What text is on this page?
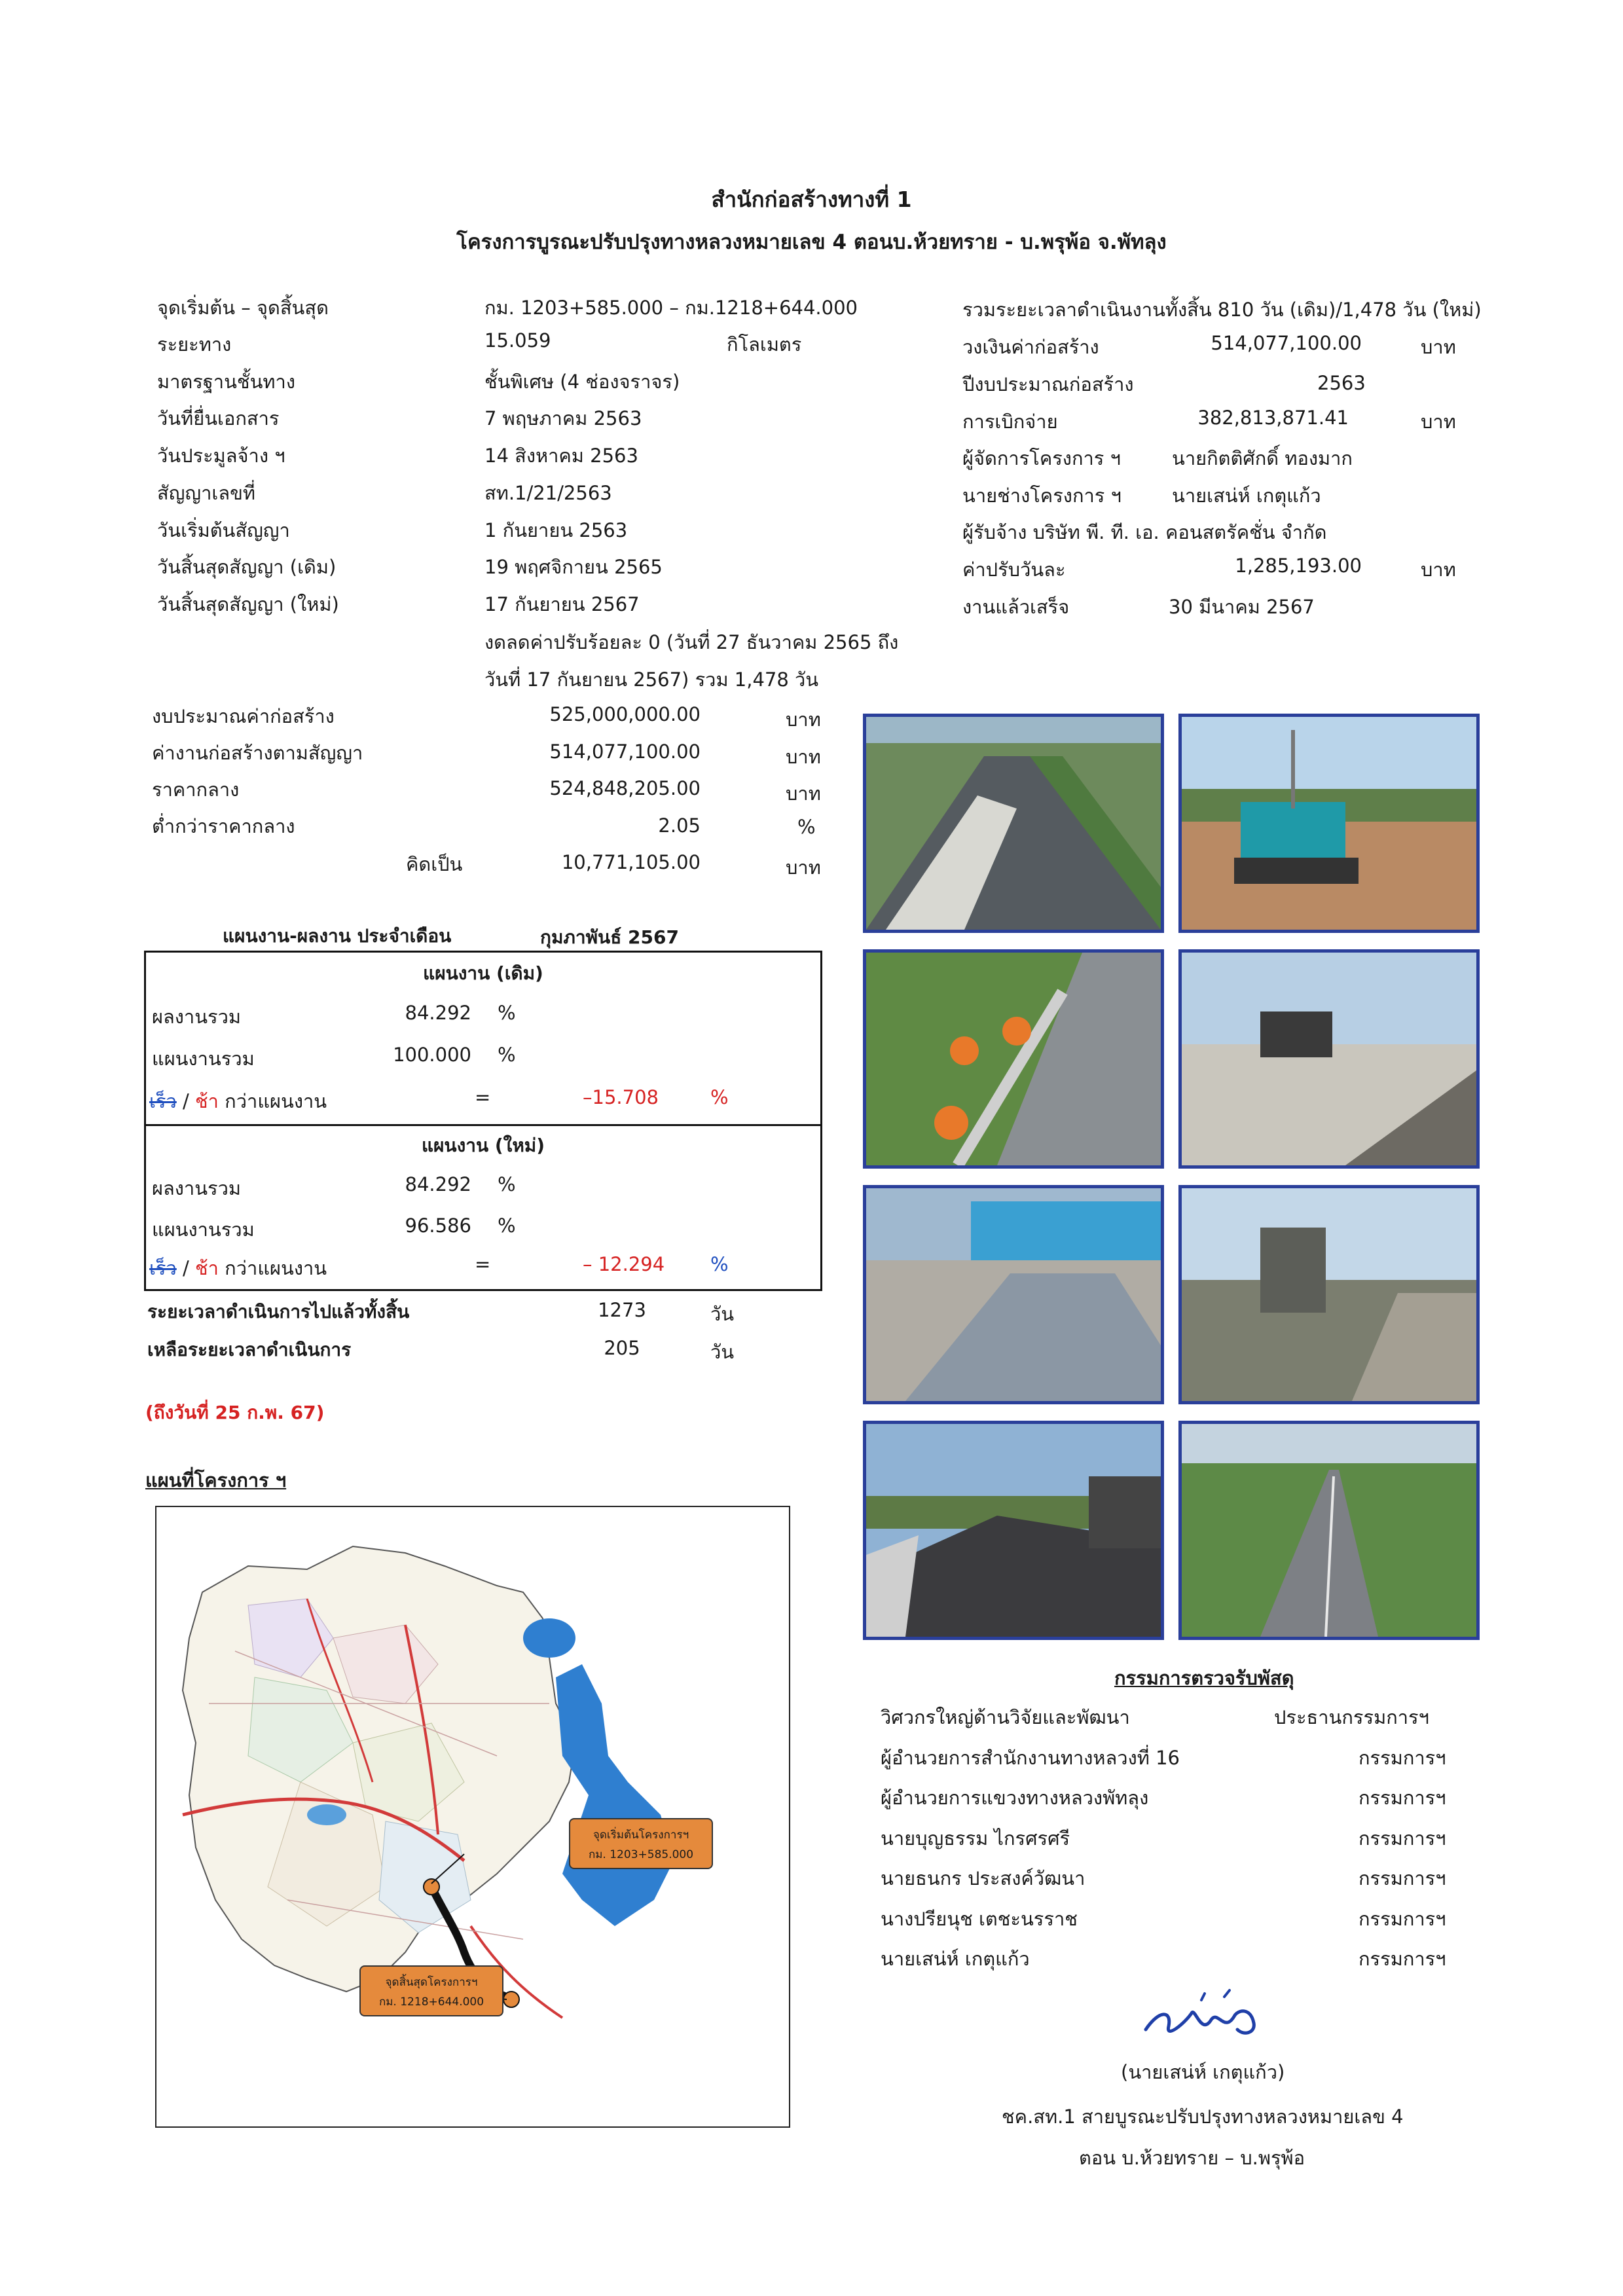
สำนักก่อสร้างทางที่ 1
โครงการบูรณะปรับปรุงทางหลวงหมายเลข 4 ตอนบ.ห้วยทราย - บ.พรุพ้อ จ.พัทลุง
จุดเริ่มต้น – จุดสิ้นสุด	กม. 1203+585.000 – กม.1218+644.000
ระยะทาง	15.059	กิโลเมตร
มาตรฐานชั้นทาง	ชั้นพิเศษ (4 ช่องจราจร)
วันที่ยื่นเอกสาร	7 พฤษภาคม 2563
วันประมูลจ้าง ฯ	14 สิงหาคม 2563
สัญญาเลขที่	สท.1/21/2563
วันเริ่มต้นสัญญา	1 กันยายน 2563
วันสิ้นสุดสัญญา (เดิม)	19 พฤศจิกายน 2565
วันสิ้นสุดสัญญา (ใหม่)	17 กันยายน 2567
งดลดค่าปรับร้อยละ 0 (วันที่ 27 ธันวาคม 2565 ถึง
วันที่ 17 กันยายน 2567) รวม 1,478 วัน
รวมระยะเวลาดำเนินงานทั้งสิ้น 810 วัน (เดิม)/1,478 วัน (ใหม่)
วงเงินค่าก่อสร้าง	514,077,100.00	บาท
ปีงบประมาณก่อสร้าง	2563
การเบิกจ่าย	382,813,871.41	บาท
ผู้จัดการโครงการ ฯ	นายกิตติศักดิ์ ทองมาก
นายช่างโครงการ ฯ	นายเสน่ห์ เกตุแก้ว
ผู้รับจ้าง บริษัท พี. ที. เอ. คอนสตรัคชั่น จำกัด
ค่าปรับวันละ	1,285,193.00	บาท
งานแล้วเสร็จ	30 มีนาคม 2567
งบประมาณค่าก่อสร้าง	525,000,000.00	บาท
ค่างานก่อสร้างตามสัญญา	514,077,100.00	บาท
ราคากลาง	524,848,205.00	บาท
ต่ำกว่าราคากลาง	2.05	%
คิดเป็น	10,771,105.00	บาท
แผนงาน-ผลงาน ประจำเดือน	กุมภาพันธ์ 2567
แผนงาน (เดิม)
ผลงานรวม	84.292 %
แผนงานรวม	100.000 %
เร็ว / ช้า กว่าแผนงาน	=	–15.708	%
แผนงาน (ใหม่)
ผลงานรวม	84.292 %
แผนงานรวม	96.586 %
เร็ว / ช้า กว่าแผนงาน	=	– 12.294 %
ระยะเวลาดำเนินการไปแล้วทั้งสิ้น	1273	วัน
เหลือระยะเวลาดำเนินการ	205	วัน
(ถึงวันที่ 25 ก.พ. 67)
แผนที่โครงการ ฯ
จุดเริ่มต้นโครงการฯ
กม. 1203+585.000
จุดสิ้นสุดโครงการฯ
กม. 1218+644.000
กรรมการตรวจรับพัสดุ
วิศวกรใหญ่ด้านวิจัยและพัฒนา	ประธานกรรมการฯ
ผู้อำนวยการสำนักงานทางหลวงที่ 16	กรรมการฯ
ผู้อำนวยการแขวงทางหลวงพัทลุง	กรรมการฯ
นายบุญธรรม ไกรศรศรี	กรรมการฯ
นายธนกร ประสงค์วัฒนา	กรรมการฯ
นางปรียนุช เตชะนรราช	กรรมการฯ
นายเสน่ห์ เกตุแก้ว	กรรมการฯ
(นายเสน่ห์ เกตุแก้ว)
ชค.สท.1 สายบูรณะปรับปรุงทางหลวงหมายเลข 4
ตอน บ.ห้วยทราย – บ.พรุพ้อ
